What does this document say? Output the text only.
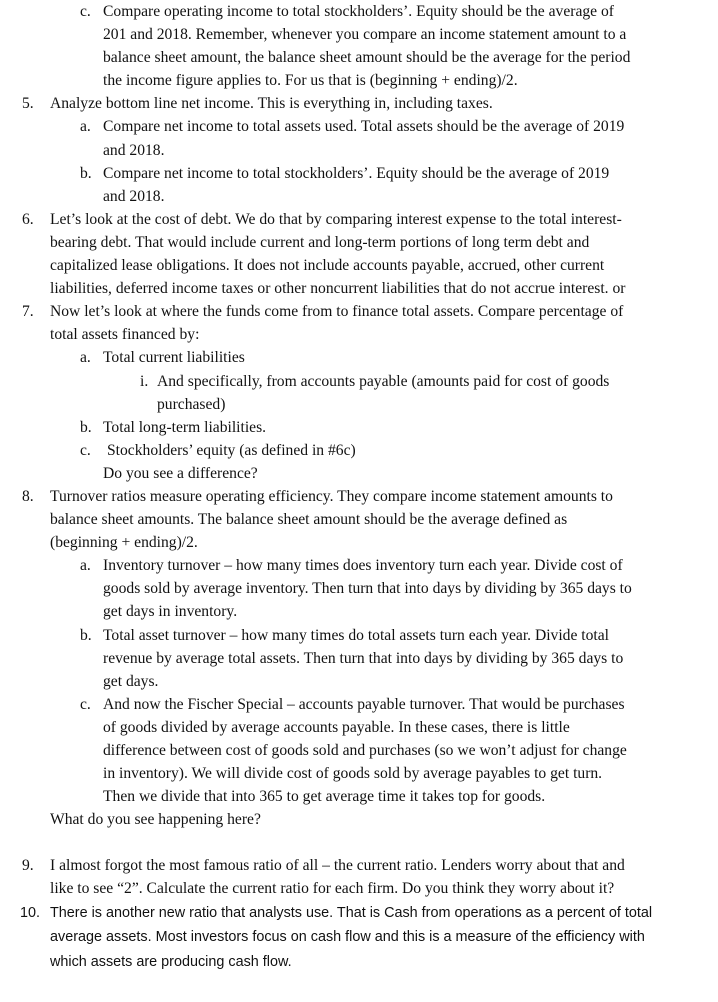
c. Compare operating income to total stockholders’. Equity should be the average of
201 and 2018. Remember, whenever you compare an income statement amount to a
balance sheet amount, the balance sheet amount should be the average for the period
the income figure applies to. For us that is (beginning + ending)/2.
5. Analyze bottom line net income. This is everything in, including taxes.
a. Compare net income to total assets used. Total assets should be the average of 2019
and 2018.
b. Compare net income to total stockholders’. Equity should be the average of 2019
and 2018.
6. Let’s look at the cost of debt. We do that by comparing interest expense to the total interest-
bearing debt. That would include current and long-term portions of long term debt and
capitalized lease obligations. It does not include accounts payable, accrued, other current
liabilities, deferred income taxes or other noncurrent liabilities that do not accrue interest. or
7. Now let’s look at where the funds come from to finance total assets. Compare percentage of
total assets financed by:
a. Total current liabilities
i. And specifically, from accounts payable (amounts paid for cost of goods
purchased)
b. Total long-term liabilities.
c. Stockholders’ equity (as defined in #6c)
Do you see a difference?
8. Turnover ratios measure operating efficiency. They compare income statement amounts to
balance sheet amounts. The balance sheet amount should be the average defined as
(beginning + ending)/2.
a. Inventory turnover – how many times does inventory turn each year. Divide cost of
goods sold by average inventory. Then turn that into days by dividing by 365 days to
get days in inventory.
b. Total asset turnover – how many times do total assets turn each year. Divide total
revenue by average total assets. Then turn that into days by dividing by 365 days to
get days.
c. And now the Fischer Special – accounts payable turnover. That would be purchases
of goods divided by average accounts payable. In these cases, there is little
difference between cost of goods sold and purchases (so we won’t adjust for change
in inventory). We will divide cost of goods sold by average payables to get turn.
Then we divide that into 365 to get average time it takes top for goods.
What do you see happening here?
9. I almost forgot the most famous ratio of all – the current ratio. Lenders worry about that and
like to see “2”. Calculate the current ratio for each firm. Do you think they worry about it?
10. There is another new ratio that analysts use. That is Cash from operations as a percent of total
average assets. Most investors focus on cash flow and this is a measure of the efficiency with
which assets are producing cash flow.
